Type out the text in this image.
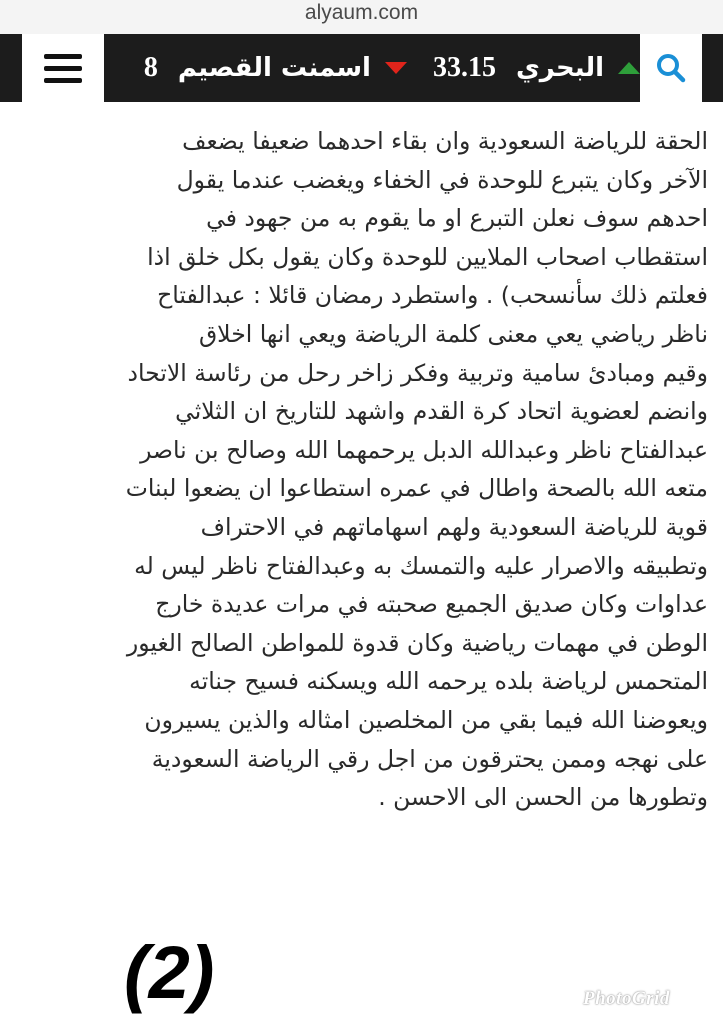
alyaum.com
البحري
33.15
اسمنت القصيم
8
الحقة للرياضة السعودية وان بقاء احدهما ضعيفا يضعف
الآخر وكان يتبرع للوحدة في الخفاء ويغضب عندما يقول
احدهم سوف نعلن التبرع او ما يقوم به من جهود في
استقطاب اصحاب الملايين للوحدة وكان يقول بكل خلق اذا
فعلتم ذلك سأنسحب) . واستطرد رمضان قائلا : عبدالفتاح
ناظر رياضي يعي معنى كلمة الرياضة ويعي انها اخلاق
وقيم ومبادئ سامية وتربية وفكر زاخر رحل من رئاسة الاتحاد
وانضم لعضوية اتحاد كرة القدم واشهد للتاريخ ان الثلاثي
عبدالفتاح ناظر وعبدالله الدبل يرحمهما الله وصالح بن ناصر
متعه الله بالصحة واطال في عمره استطاعوا ان يضعوا لبنات
قوية للرياضة السعودية ولهم اسهاماتهم في الاحتراف
وتطبيقه والاصرار عليه والتمسك به وعبدالفتاح ناظر ليس له
عداوات وكان صديق الجميع صحبته في مرات عديدة خارج
الوطن في مهمات رياضية وكان قدوة للمواطن الصالح الغيور
المتحمس لرياضة بلده يرحمه الله ويسكنه فسيح جناته
ويعوضنا الله فيما بقي من المخلصين امثاله والذين يسيرون
على نهجه وممن يحترقون من اجل رقي الرياضة السعودية
وتطورها من الحسن الى الاحسن .
(2)	PhotoGrid
